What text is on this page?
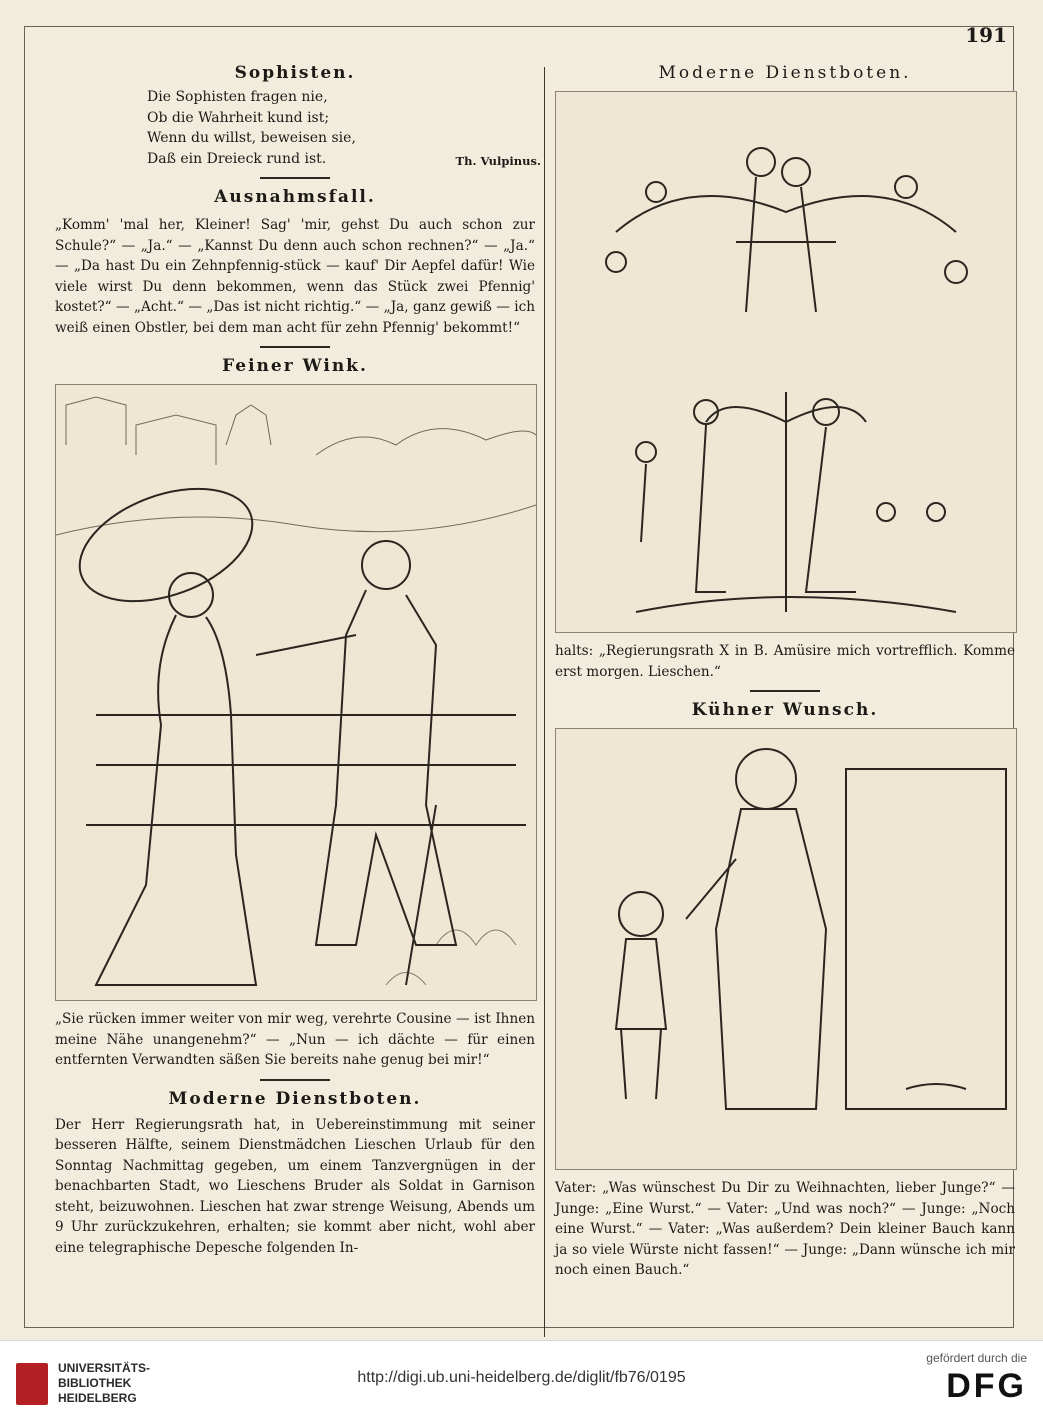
191
Sophisten.
Die Sophisten fragen nie,
Ob die Wahrheit kund ist;
Wenn du willst, beweisen sie,
Daß ein Dreieck rund ist.	Th. Vulpinus.
Ausnahmsfall.

„Komm' 'mal her, Kleiner! Sag' 'mir, gehst Du auch schon zur Schule?“ — „Ja.“ — „Kannst Du denn auch schon rechnen?“ — „Ja.“ — „Da hast Du ein Zehnpfennig-stück — kauf' Dir Aepfel dafür! Wie viele wirst Du denn bekommen, wenn das Stück zwei Pfennig' kostet?“ — „Acht.“ — „Das ist nicht richtig.“ — „Ja, ganz gewiß — ich weiß einen Obstler, bei dem man acht für zehn Pfennig' bekommt!“

Feiner Wink.

„Sie rücken immer weiter von mir weg, verehrte Cousine — ist Ihnen meine Nähe unangenehm?“ — „Nun — ich dächte — für einen entfernten Verwandten säßen Sie bereits nahe genug bei mir!“

Moderne Dienstboten.

Der Herr Regierungsrath hat, in Uebereinstimmung mit seiner besseren Hälfte, seinem Dienstmädchen Lieschen Urlaub für den Sonntag Nachmittag gegeben, um einem Tanzvergnügen in der benachbarten Stadt, wo Lieschens Bruder als Soldat in Garnison steht, beizuwohnen. Lieschen hat zwar strenge Weisung, Abends um 9 Uhr zurückzukehren, erhalten; sie kommt aber nicht, wohl aber eine telegraphische Depesche folgenden In-

Moderne Dienstboten.

halts: „Regierungsrath X in B. Amüsire mich vortrefflich. Komme erst morgen. Lieschen.“

Kühner Wunsch.

Vater: „Was wünschest Du Dir zu Weihnachten, lieber Junge?“ — Junge: „Eine Wurst.“ — Vater: „Und was noch?“ — Junge: „Noch eine Wurst.“ — Vater: „Was außerdem? Dein kleiner Bauch kann ja so viele Würste nicht fassen!“ — Junge: „Dann wünsche ich mir noch einen Bauch.“

UNIVERSITÄTS-
BIBLIOTHEK
HEIDELBERG
http://digi.ub.uni-heidelberg.de/diglit/fb76/0195
gefördert durch die
DFG
